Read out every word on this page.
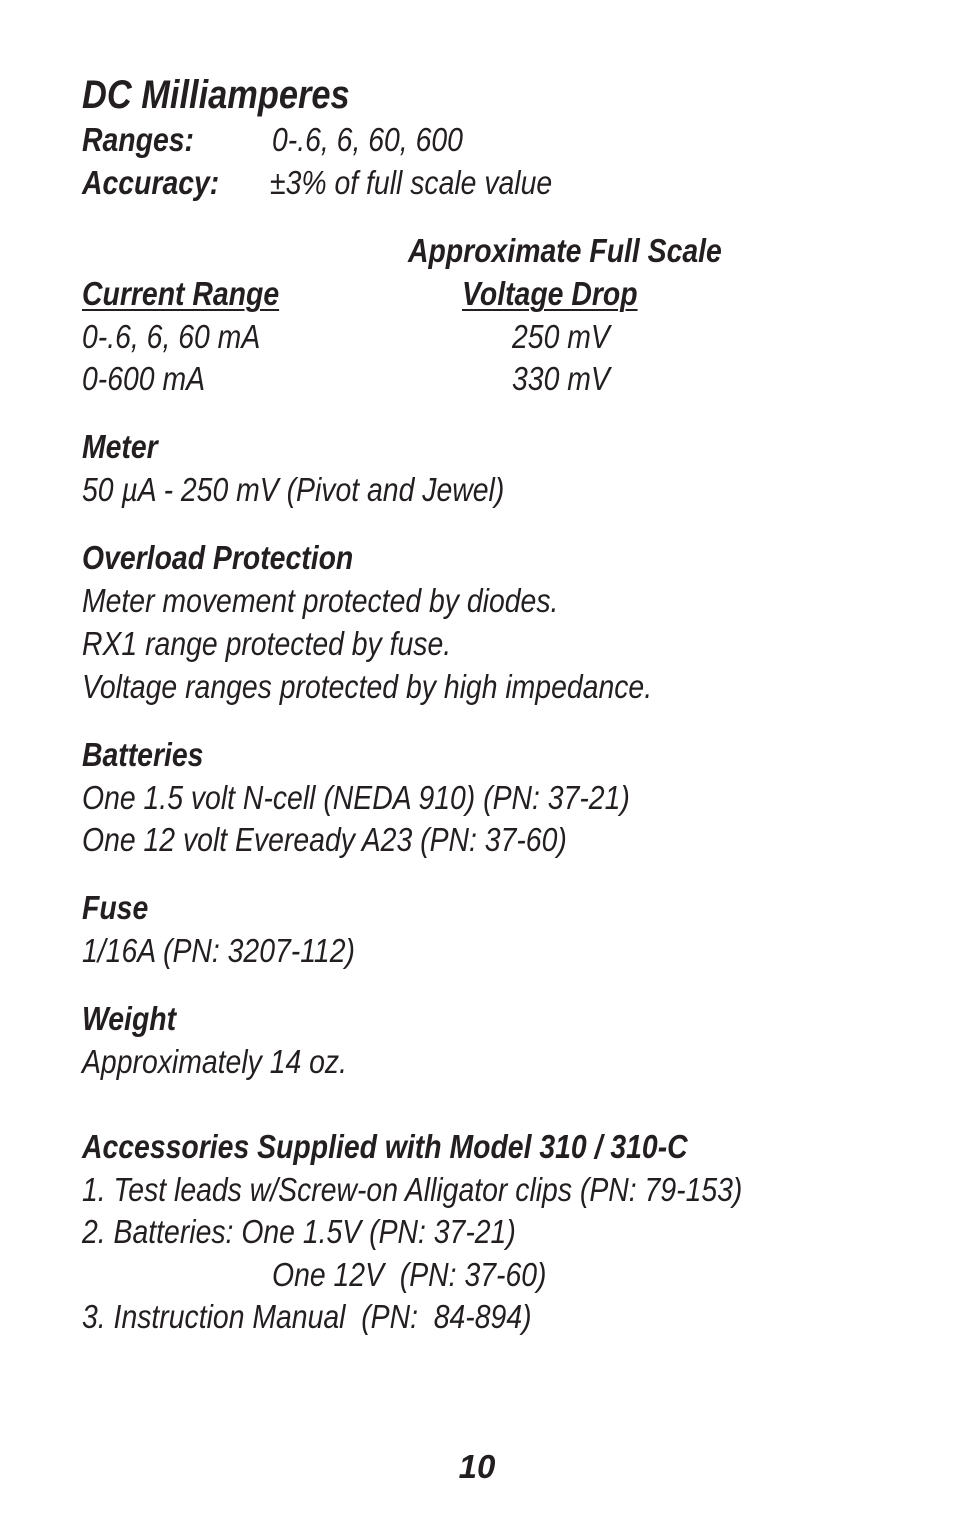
DC Milliamperes
Ranges: 0-.6, 6, 60, 600
Accuracy: ±3% of full scale value
Approximate Full Scale
Current Range	Voltage Drop
0-.6, 6, 60 mA	250 mV
0-600 mA	330 mV
Meter
50 µA - 250 mV (Pivot and Jewel)
Overload Protection
Meter movement protected by diodes.
RX1 range protected by fuse.
Voltage ranges protected by high impedance.
Batteries
One 1.5 volt N-cell (NEDA 910) (PN: 37-21)
One 12 volt Eveready A23 (PN: 37-60)
Fuse
1/16A (PN: 3207-112)
Weight
Approximately 14 oz.
Accessories Supplied with Model 310 / 310-C
1. Test leads w/Screw-on Alligator clips (PN: 79-153)
2. Batteries: One 1.5V (PN: 37-21)
One 12V  (PN: 37-60)
3. Instruction Manual  (PN:  84-894)
10
